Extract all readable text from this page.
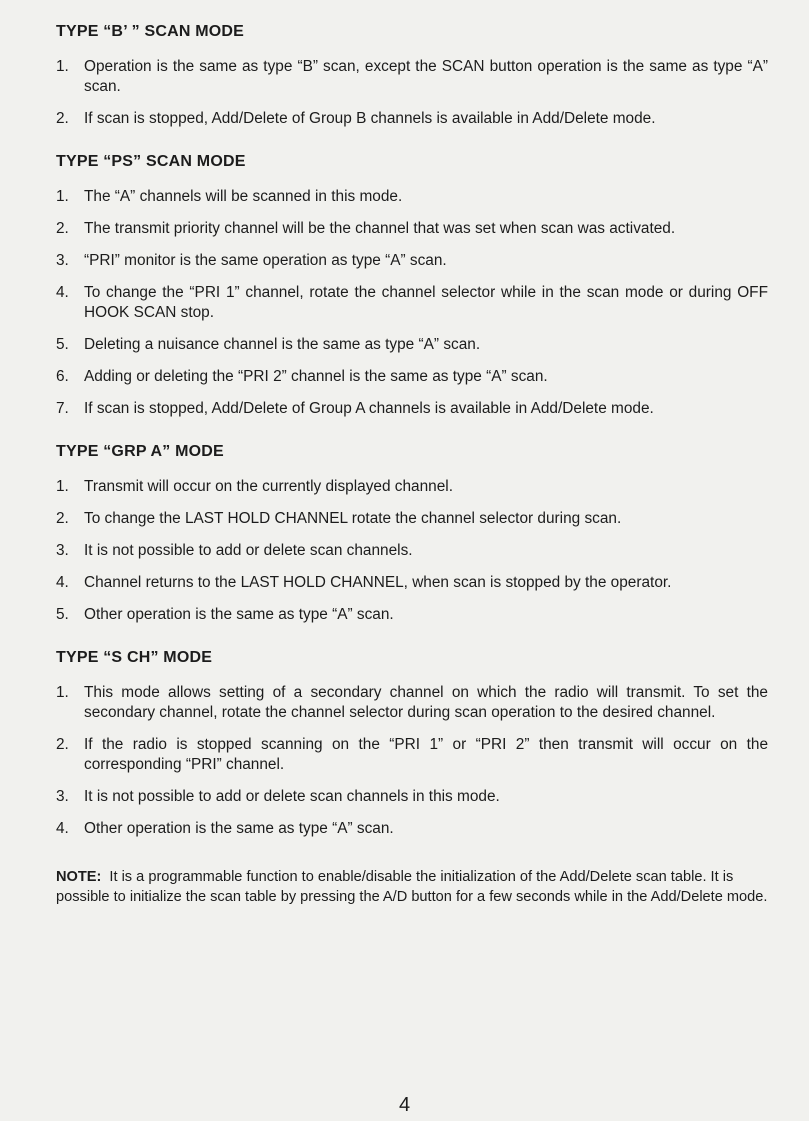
TYPE “B’ ” SCAN MODE
1. Operation is the same as type “B” scan, except the SCAN button operation is the same as type “A” scan.
2. If scan is stopped, Add/Delete of Group B channels is available in Add/Delete mode.
TYPE “PS” SCAN MODE
1. The “A” channels will be scanned in this mode.
2. The transmit priority channel will be the channel that was set when scan was activated.
3. “PRI” monitor is the same operation as type “A” scan.
4. To change the “PRI 1” channel, rotate the channel selector while in the scan mode or during OFF HOOK SCAN stop.
5. Deleting a nuisance channel is the same as type “A” scan.
6. Adding or deleting the “PRI 2” channel is the same as type “A” scan.
7. If scan is stopped, Add/Delete of Group A channels is available in Add/Delete mode.
TYPE “GRP A” MODE
1. Transmit will occur on the currently displayed channel.
2. To change the LAST HOLD CHANNEL rotate the channel selector during scan.
3. It is not possible to add or delete scan channels.
4. Channel returns to the LAST HOLD CHANNEL, when scan is stopped by the operator.
5. Other operation is the same as type “A” scan.
TYPE “S CH” MODE
1. This mode allows setting of a secondary channel on which the radio will transmit. To set the secondary channel, rotate the channel selector during scan operation to the desired channel.
2. If the radio is stopped scanning on the “PRI 1” or “PRI 2” then transmit will occur on the corresponding “PRI” channel.
3. It is not possible to add or delete scan channels in this mode.
4. Other operation is the same as type “A” scan.
NOTE: It is a programmable function to enable/disable the initialization of the Add/Delete scan table. It is possible to initialize the scan table by pressing the A/D button for a few seconds while in the Add/Delete mode.
4
